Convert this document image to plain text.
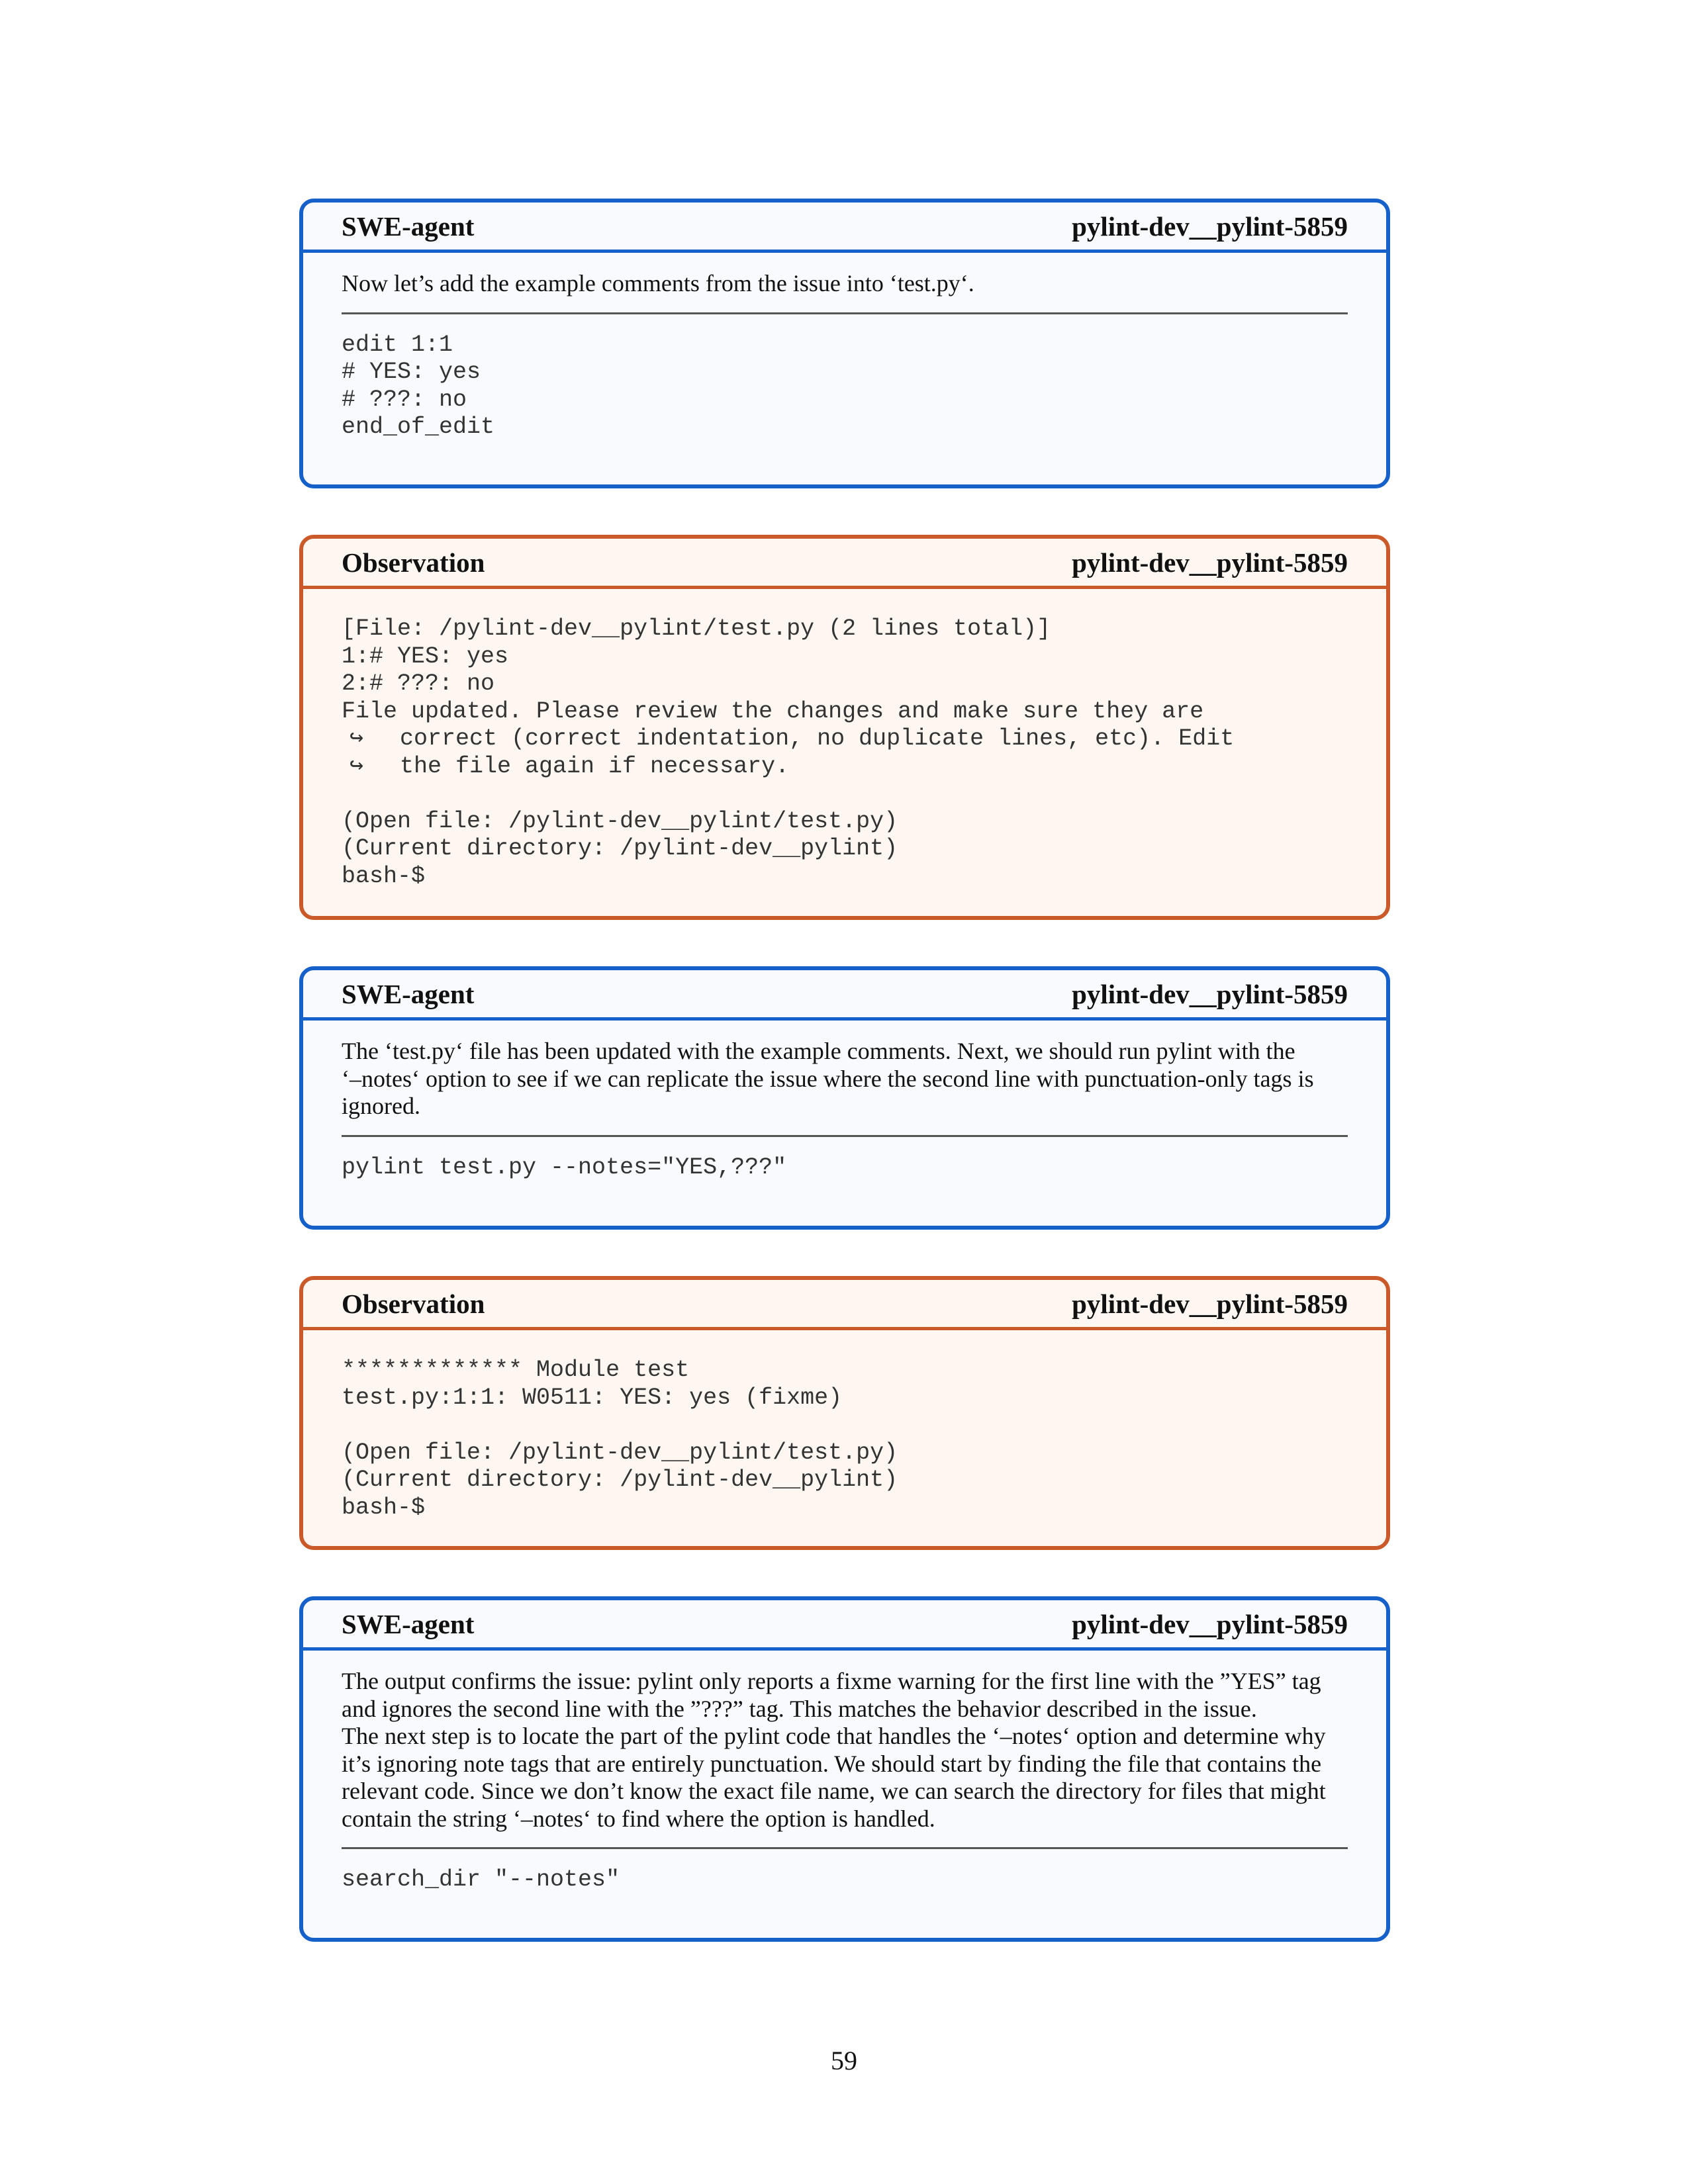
SWE-agent	pylint-dev__pylint-5859

Now let’s add the example comments from the issue into ‘test.py‘.

edit 1:1
# YES: yes
# ???: no
end_of_edit
Observation	pylint-dev__pylint-5859
[File: /pylint-dev__pylint/test.py (2 lines total)]
1:# YES: yes
2:# ???: no
File updated. Please review the changes and make sure they are
↪ correct (correct indentation, no duplicate lines, etc). Edit
↪ the file again if necessary.
(Open file: /pylint-dev__pylint/test.py)
(Current directory: /pylint-dev__pylint)
bash-$
SWE-agent	pylint-dev__pylint-5859

The ‘test.py‘ file has been updated with the example comments. Next, we should run pylint with the
‘–notes‘ option to see if we can replicate the issue where the second line with punctuation-only tags is
ignored.

pylint test.py --notes="YES,???"
Observation	pylint-dev__pylint-5859
************* Module test
test.py:1:1: W0511: YES: yes (fixme)
(Open file: /pylint-dev__pylint/test.py)
(Current directory: /pylint-dev__pylint)
bash-$
SWE-agent	pylint-dev__pylint-5859

The output confirms the issue: pylint only reports a fixme warning for the first line with the ”YES” tag
and ignores the second line with the ”???” tag. This matches the behavior described in the issue.
The next step is to locate the part of the pylint code that handles the ‘–notes‘ option and determine why
it’s ignoring note tags that are entirely punctuation. We should start by finding the file that contains the
relevant code. Since we don’t know the exact file name, we can search the directory for files that might
contain the string ‘–notes‘ to find where the option is handled.

search_dir "--notes"
59
